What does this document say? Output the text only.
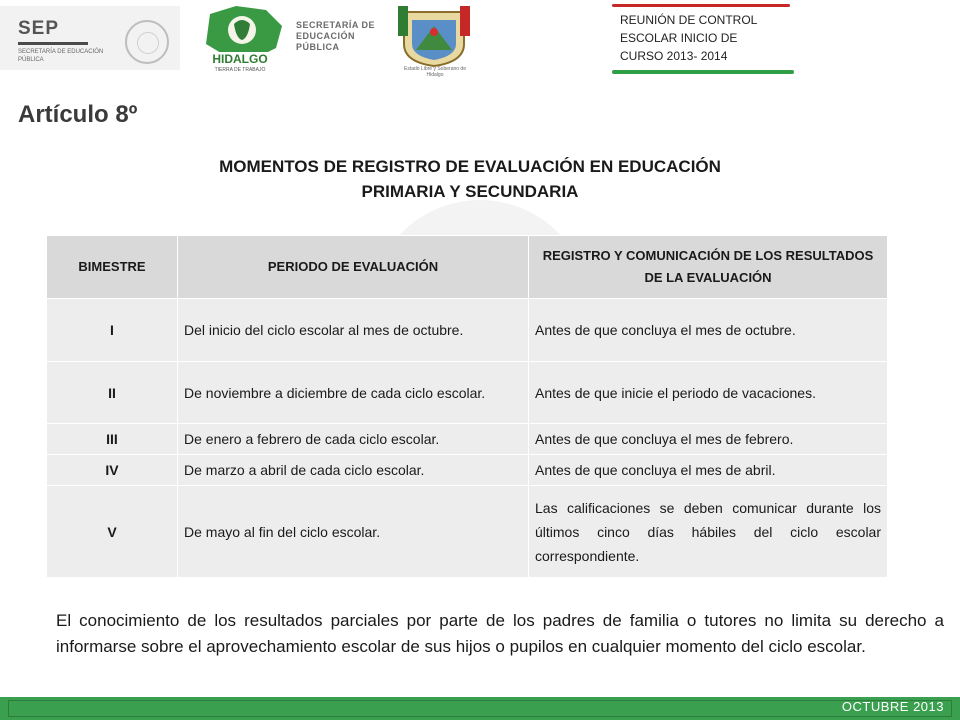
SEP
SECRETARÍA DE EDUCACIÓN PÚBLICA	HIDALGO
TIERRA DE TRABAJO
SECRETARÍA DE
EDUCACIÓN
PÚBLICA
Estado Libre y Soberano de Hidalgo
REUNIÓN DE CONTROL
ESCOLAR INICIO DE
CURSO 2013- 2014
Artículo 8º
MOMENTOS DE REGISTRO DE EVALUACIÓN EN EDUCACIÓN
PRIMARIA Y SECUNDARIA
BIMESTRE	PERIODO DE EVALUACIÓN	REGISTRO Y COMUNICACIÓN DE LOS RESULTADOS DE LA EVALUACIÓN
I	Del inicio del ciclo escolar al mes de octubre.	Antes de que concluya el mes de octubre.
II	De noviembre a diciembre de cada ciclo escolar.	Antes de que inicie el periodo de vacaciones.
III	De enero a febrero de cada ciclo escolar.	Antes de que concluya el mes de febrero.
IV	De marzo a abril de cada ciclo escolar.	Antes de que concluya el mes de abril.
V	De mayo al fin del ciclo escolar.	Las calificaciones se deben comunicar durante los últimos cinco días hábiles del ciclo escolar correspondiente.
El conocimiento de los resultados parciales por parte de los padres de familia o tutores no limita su derecho a informarse sobre el aprovechamiento escolar de sus hijos o pupilos en cualquier momento del ciclo escolar.
OCTUBRE 2013
